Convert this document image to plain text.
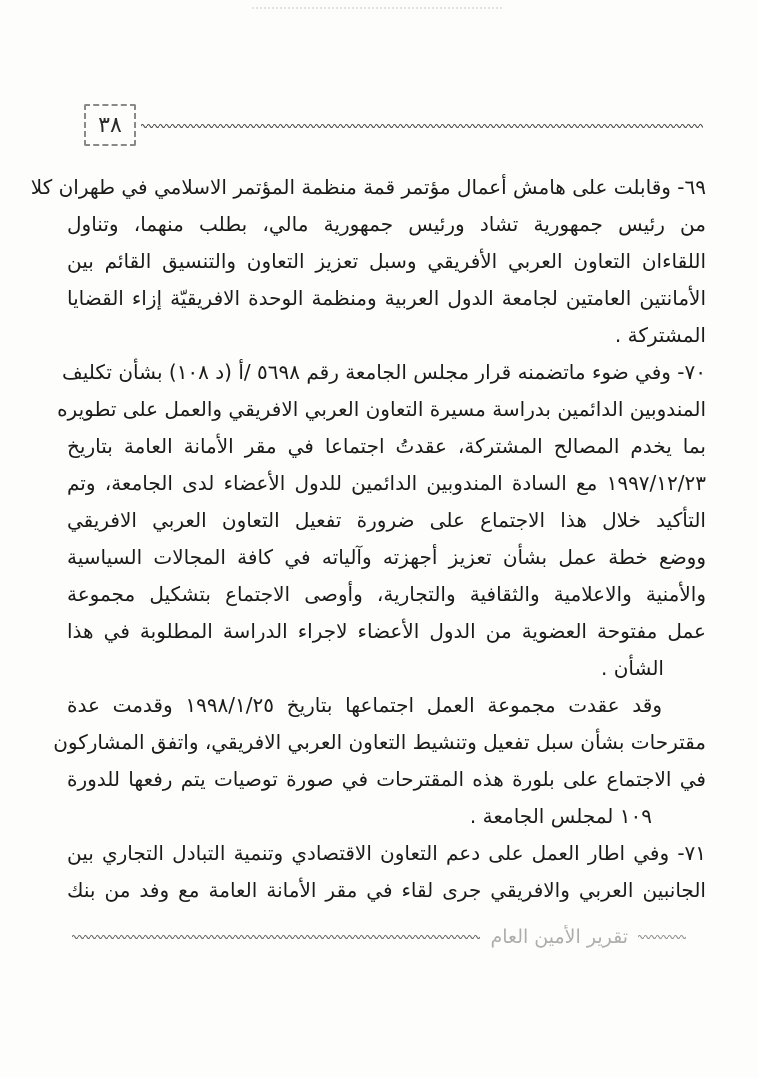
٣٨
٦٩- وقابلت على هامش أعمال مؤتمر قمة منظمة المؤتمر الاسلامي في طهران كلا
من رئيس جمهورية تشاد ورئيس جمهورية مالي، بطلب منهما، وتناول
اللقاءان التعاون العربي الأفريقي وسبل تعزيز التعاون والتنسيق القائم بين
الأمانتين العامتين لجامعة الدول العربية ومنظمة الوحدة الافريقيّة إزاء القضايا
المشتركة .
٧٠- وفي ضوء ماتضمنه قرار مجلس الجامعة رقم ٥٦٩٨ /أ (د ١٠٨) بشأن تكليف
المندوبين الدائمين بدراسة مسيرة التعاون العربي الافريقي والعمل على تطويره
بما يخدم المصالح المشتركة، عقدتُ اجتماعا في مقر الأمانة العامة بتاريخ
١٩٩٧/١٢/٢٣ مع السادة المندوبين الدائمين للدول الأعضاء لدى الجامعة، وتم
التأكيد خلال هذا الاجتماع على ضرورة تفعيل التعاون العربي الافريقي
ووضع خطة عمل بشأن تعزيز أجهزته وآلياته في كافة المجالات السياسية
والأمنية والاعلامية والثقافية والتجارية، وأوصى الاجتماع بتشكيل مجموعة
عمل مفتوحة العضوية من الدول الأعضاء لاجراء الدراسة المطلوبة في هذا
الشأن .
وقد عقدت مجموعة العمل اجتماعها بتاريخ ١٩٩٨/١/٢٥ وقدمت عدة
مقترحات بشأن سبل تفعيل وتنشيط التعاون العربي الافريقي، واتفق المشاركون
في الاجتماع على بلورة هذه المقترحات في صورة توصيات يتم رفعها للدورة
١٠٩ لمجلس الجامعة .
٧١- وفي اطار العمل على دعم التعاون الاقتصادي وتنمية التبادل التجاري بين
الجانبين العربي والافريقي جرى لقاء في مقر الأمانة العامة مع وفد من بنك
تقرير الأمين العام
